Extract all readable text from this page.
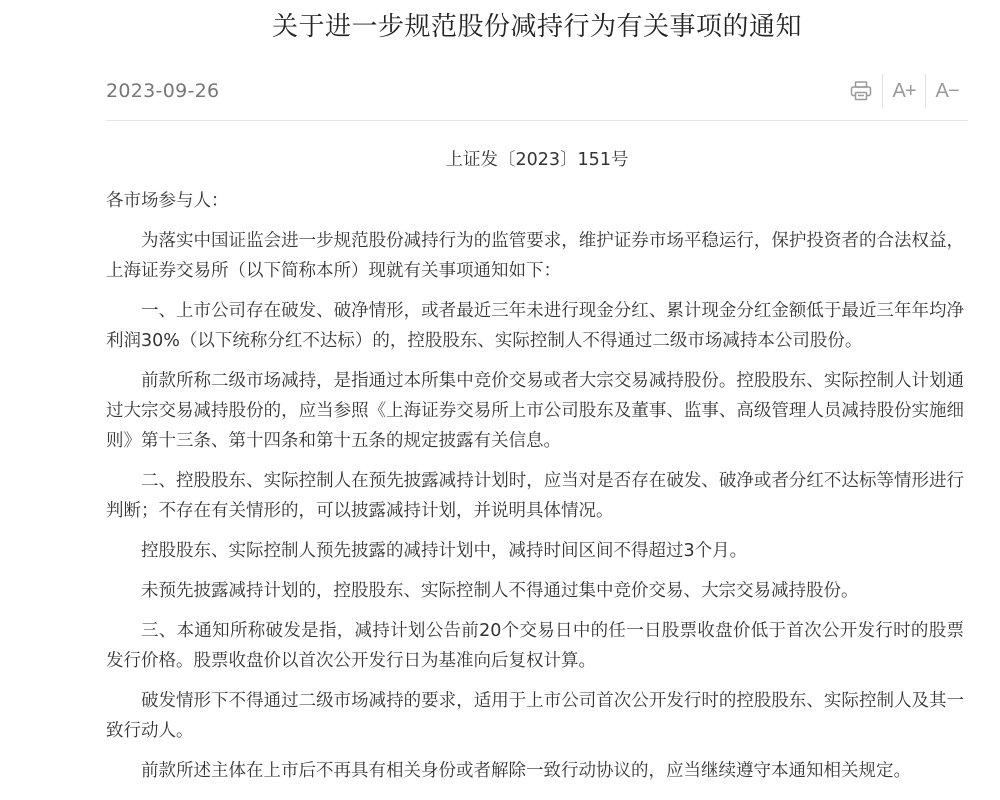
关于进一步规范股份减持行为有关事项的通知
2023-09-26	A+ A−
上证发〔2023〕151号

各市场参与人：

为落实中国证监会进一步规范股份减持行为的监管要求，维护证券市场平稳运行，保护投资者的合法权益，上海证券交易所（以下简称本所）现就有关事项通知如下：

一、上市公司存在破发、破净情形，或者最近三年未进行现金分红、累计现金分红金额低于最近三年年均净利润30%（以下统称分红不达标）的，控股股东、实际控制人不得通过二级市场减持本公司股份。

前款所称二级市场减持，是指通过本所集中竞价交易或者大宗交易减持股份。控股股东、实际控制人计划通过大宗交易减持股份的，应当参照《上海证券交易所上市公司股东及董事、监事、高级管理人员减持股份实施细则》第十三条、第十四条和第十五条的规定披露有关信息。

二、控股股东、实际控制人在预先披露减持计划时，应当对是否存在破发、破净或者分红不达标等情形进行判断；不存在有关情形的，可以披露减持计划，并说明具体情况。

控股股东、实际控制人预先披露的减持计划中，减持时间区间不得超过3个月。

未预先披露减持计划的，控股股东、实际控制人不得通过集中竞价交易、大宗交易减持股份。

三、本通知所称破发是指，减持计划公告前20个交易日中的任一日股票收盘价低于首次公开发行时的股票发行价格。股票收盘价以首次公开发行日为基准向后复权计算。

破发情形下不得通过二级市场减持的要求，适用于上市公司首次公开发行时的控股股东、实际控制人及其一致行动人。

前款所述主体在上市后不再具有相关身份或者解除一致行动协议的，应当继续遵守本通知相关规定。
